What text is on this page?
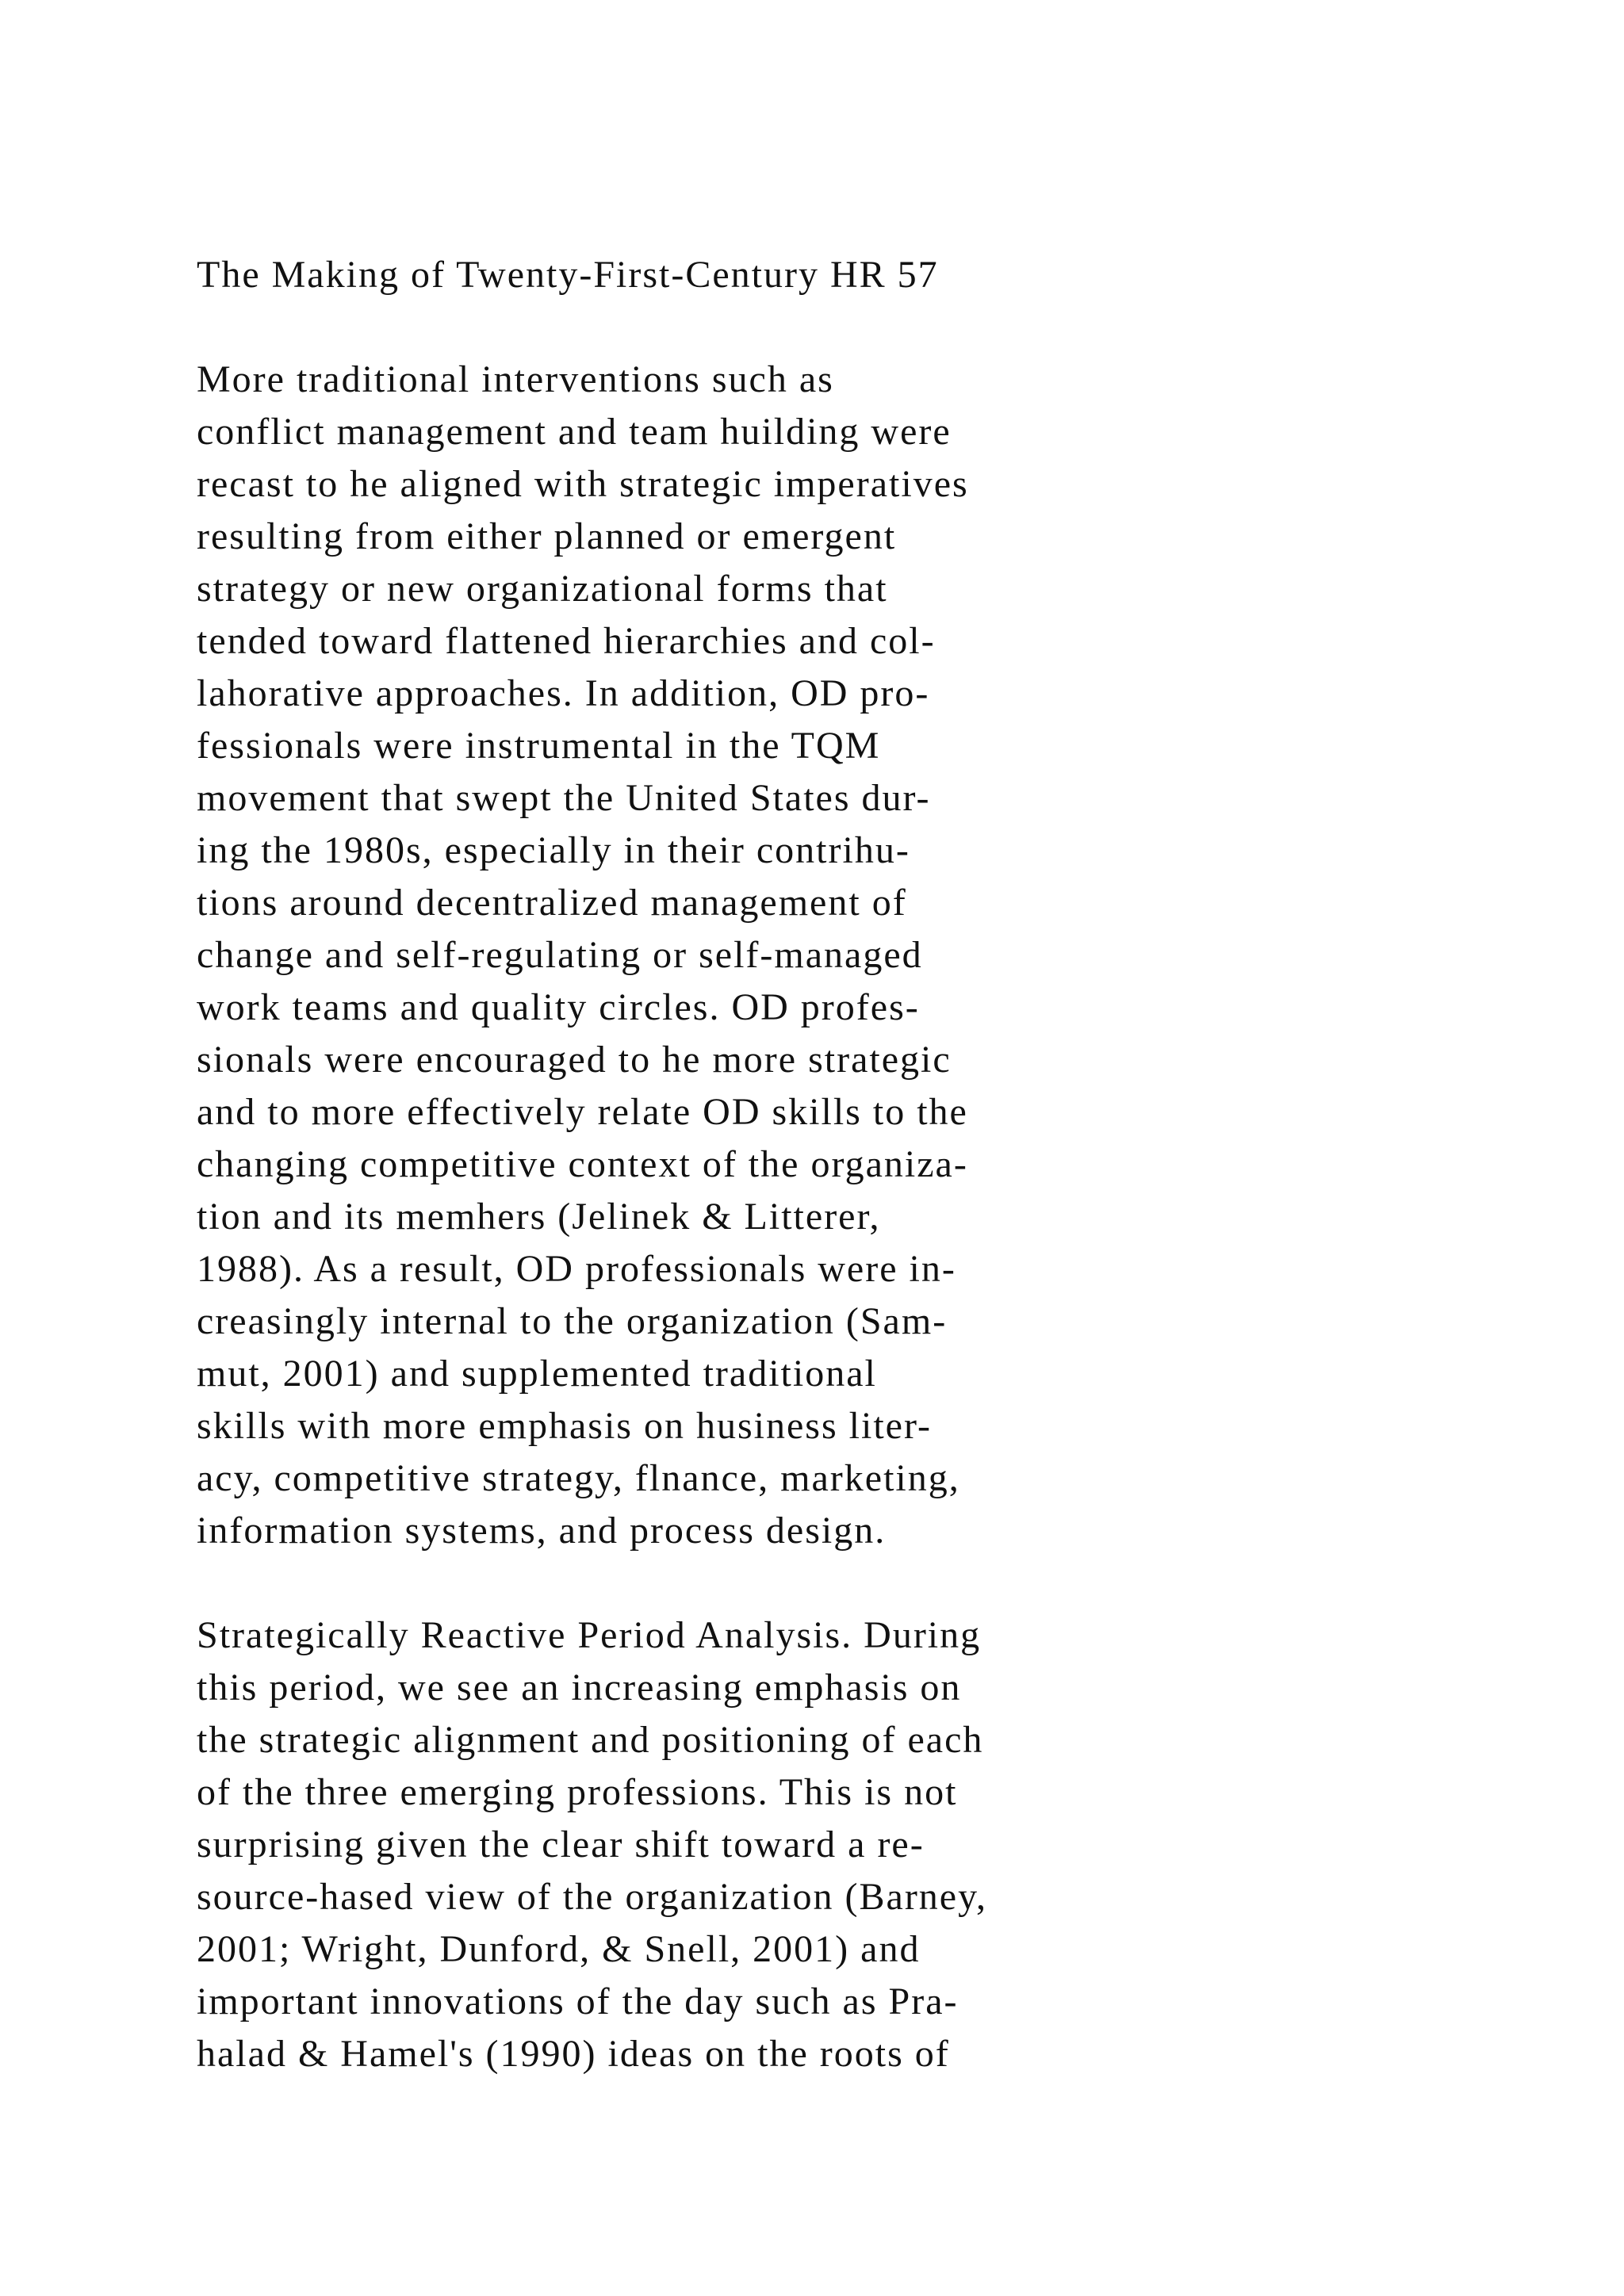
The Making of Twenty-First-Century HR 57
More traditional interventions such as
conflict management and team huilding were
recast to he aligned with strategic imperatives
resulting from either planned or emergent
strategy or new organizational forms that
tended toward flattened hierarchies and col-
lahorative approaches. In addition, OD pro-
fessionals were instrumental in the TQM
movement that swept the United States dur-
ing the 1980s, especially in their contrihu-
tions around decentralized management of
change and self-regulating or self-managed
work teams and quality circles. OD profes-
sionals were encouraged to he more strategic
and to more effectively relate OD skills to the
changing competitive context of the organiza-
tion and its memhers (Jelinek & Litterer,
1988). As a result, OD professionals were in-
creasingly internal to the organization (Sam-
mut, 2001) and supplemented traditional
skills with more emphasis on husiness liter-
acy, competitive strategy, flnance, marketing,
information systems, and process design.
Strategically Reactive Period Analysis. During
this period, we see an increasing emphasis on
the strategic alignment and positioning of each
of the three emerging professions. This is not
surprising given the clear shift toward a re-
source-hased view of the organization (Barney,
2001; Wright, Dunford, & Snell, 2001) and
important innovations of the day such as Pra-
halad & Hamel's (1990) ideas on the roots of
